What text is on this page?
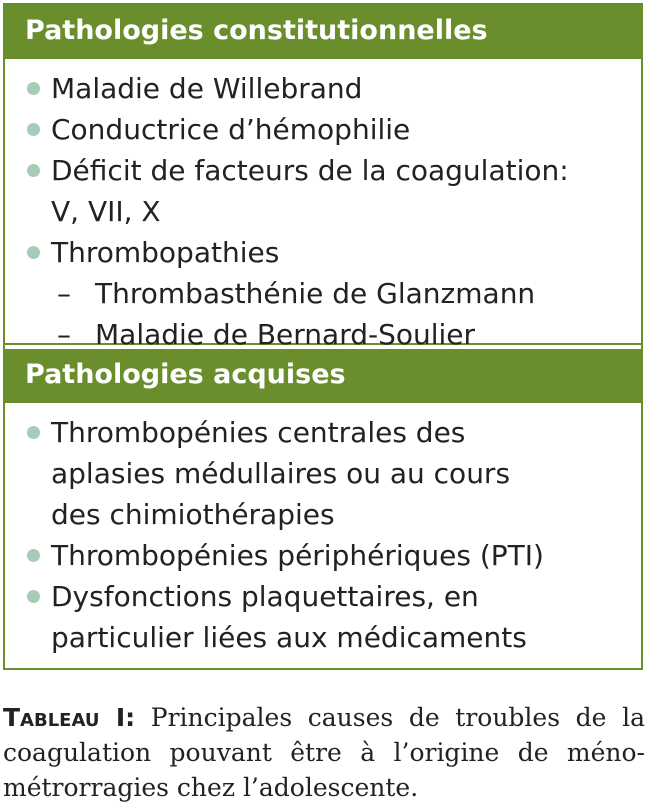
Pathologies constitutionnelles
Maladie de Willebrand
Conductrice d’hémophilie
Déficit de facteurs de la coagulation:
V, VII, X
Thrombopathies
– Thrombasthénie de Glanzmann
– Maladie de Bernard-Soulier
Pathologies acquises
Thrombopénies centrales des
aplasies médullaires ou au cours
des chimiothérapies
Thrombopénies périphériques (PTI)
Dysfonctions plaquettaires, en
particulier liées aux médicaments
Tableau I: Principales causes de troubles de la coagulation pouvant être à l’origine de méno- métrorragies chez l’adolescente.
